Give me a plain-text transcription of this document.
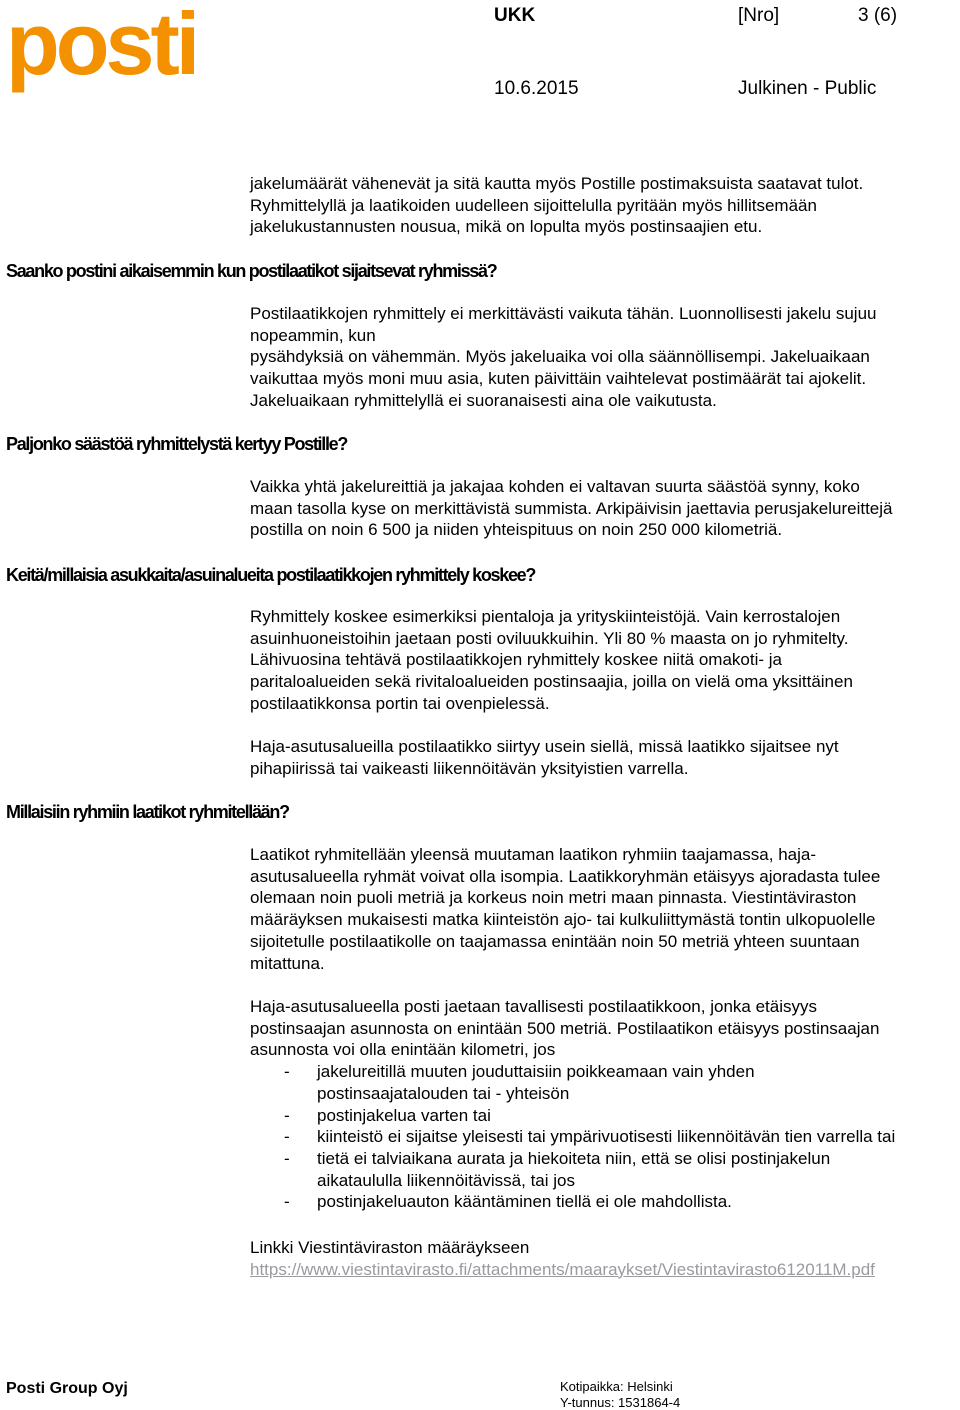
posti	UKK	[Nro]	3 (6)
10.6.2015	Julkinen - Public

jakelumäärät vähenevät ja sitä kautta myös Postille postimaksuista saatavat tulot.

Ryhmittelyllä ja laatikoiden uudelleen sijoittelulla pyritään myös hillitsemään

jakelukustannusten nousua, mikä on lopulta myös postinsaajien etu.

Saanko postini aikaisemmin kun postilaatikot sijaitsevat ryhmissä?

Postilaatikkojen ryhmittely ei merkittävästi vaikuta tähän. Luonnollisesti jakelu sujuu

nopeammin, kun

pysähdyksiä on vähemmän. Myös jakeluaika voi olla säännöllisempi. Jakeluaikaan

vaikuttaa myös moni muu asia, kuten päivittäin vaihtelevat postimäärät tai ajokelit.

Jakeluaikaan ryhmittelyllä ei suoranaisesti aina ole vaikutusta.

Paljonko säästöä ryhmittelystä kertyy Postille?

Vaikka yhtä jakelureittiä ja jakajaa kohden ei valtavan suurta säästöä synny, koko

maan tasolla kyse on merkittävistä summista. Arkipäivisin jaettavia perusjakelureittejä

postilla on noin 6 500 ja niiden yhteispituus on noin 250 000 kilometriä.

Keitä/millaisia asukkaita/asuinalueita postilaatikkojen ryhmittely koskee?

Ryhmittely koskee esimerkiksi pientaloja ja yrityskiinteistöjä. Vain kerrostalojen

asuinhuoneistoihin jaetaan posti oviluukkuihin. Yli 80 % maasta on jo ryhmitelty.

Lähivuosina tehtävä postilaatikkojen ryhmittely koskee niitä omakoti- ja

paritaloalueiden sekä rivitaloalueiden postinsaajia, joilla on vielä oma yksittäinen

postilaatikkonsa portin tai ovenpielessä.

Haja-asutusalueilla postilaatikko siirtyy usein siellä, missä laatikko sijaitsee nyt

pihapiirissä tai vaikeasti liikennöitävän yksityistien varrella.

Millaisiin ryhmiin laatikot ryhmitellään?

Laatikot ryhmitellään yleensä muutaman laatikon ryhmiin taajamassa, haja-

asutusalueella ryhmät voivat olla isompia. Laatikkoryhmän etäisyys ajoradasta tulee

olemaan noin puoli metriä ja korkeus noin metri maan pinnasta. Viestintäviraston

määräyksen mukaisesti matka kiinteistön ajo- tai kulkuliittymästä tontin ulkopuolelle

sijoitetulle postilaatikolle on taajamassa enintään noin 50 metriä yhteen suuntaan

mitattuna.

Haja-asutusalueella posti jaetaan tavallisesti postilaatikkoon, jonka etäisyys

postinsaajan asunnosta on enintään 500 metriä. Postilaatikon etäisyys postinsaajan

asunnosta voi olla enintään kilometri, jos

- jakelureitillä muuten jouduttaisiin poikkeamaan vain yhden
postinsaajatalouden tai - yhteisön
- postinjakelua varten tai
- kiinteistö ei sijaitse yleisesti tai ympärivuotisesti liikennöitävän tien varrella tai
- tietä ei talviaikana aurata ja hiekoiteta niin, että se olisi postinjakelun
aikataululla liikennöitävissä, tai jos
- postinjakeluauton kääntäminen tiellä ei ole mahdollista.

Linkki Viestintäviraston määräykseen

https://www.viestintavirasto.fi/attachments/maaraykset/Viestintavirasto612011M.pdf

Posti Group Oyj	Kotipaikka: Helsinki
Y-tunnus: 1531864-4
